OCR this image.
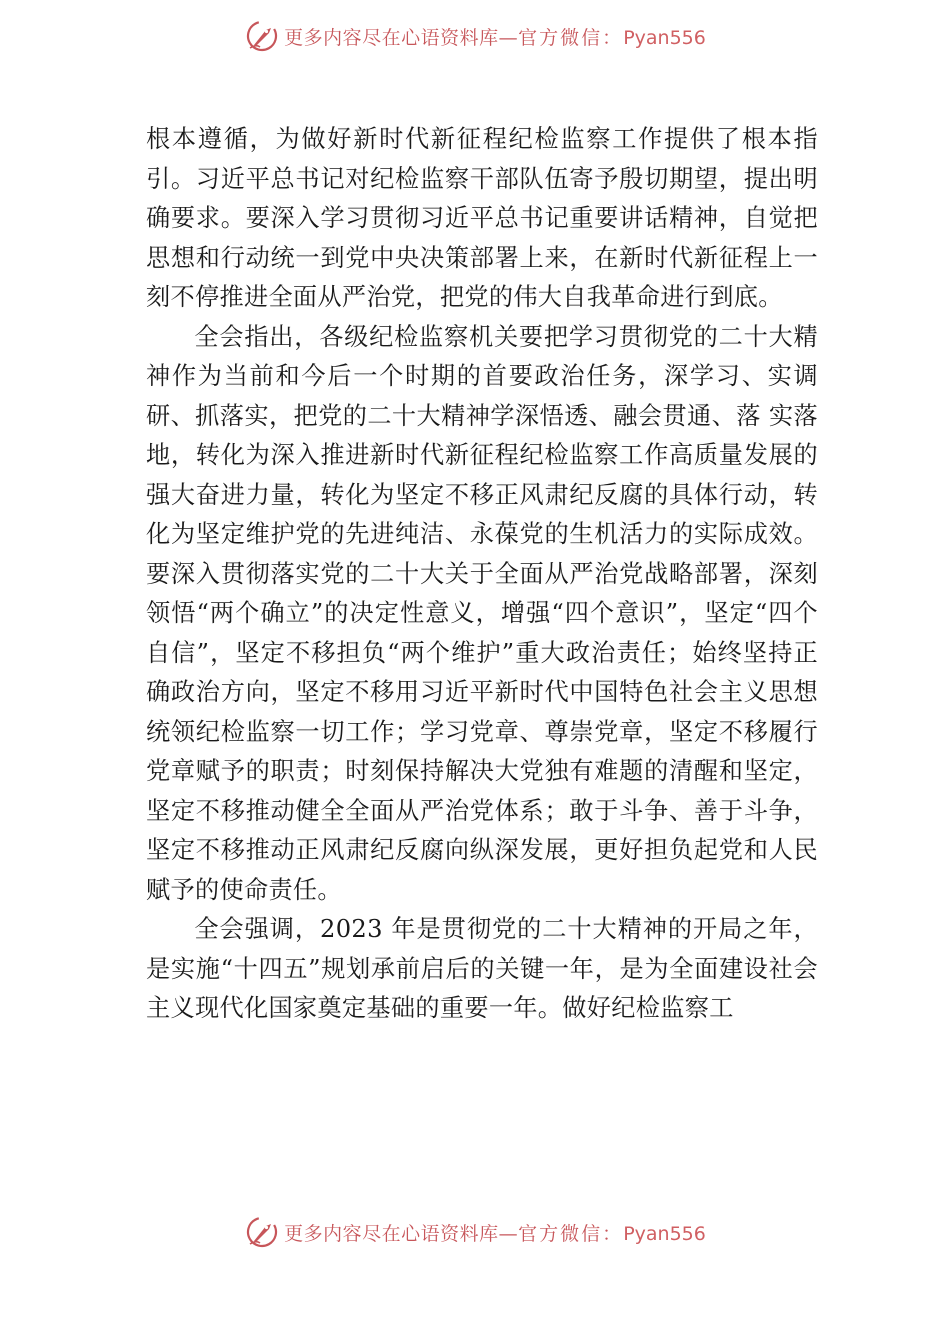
更多内容尽在心语资料库—官方微信：Pyan556

根本遵循，为做好新时代新征程纪检监察工作提供了根本指引。习近平总书记对纪检监察干部队伍寄予殷切期望，提出明确要求。要深入学习贯彻习近平总书记重要讲话精神，自觉把思想和行动统一到党中央决策部署上来，在新时代新征程上一刻不停推进全面从严治党，把党的伟大自我革命进行到底。

全会指出，各级纪检监察机关要把学习贯彻党的二十大精神作为当前和今后一个时期的首要政治任务，深学习、实调研、抓落实，把党的二十大精神学深悟透、融会贯通、落 实落地，转化为深入推进新时代新征程纪检监察工作高质量发展的强大奋进力量，转化为坚定不移正风肃纪反腐的具体行动，转化为坚定维护党的先进纯洁、永葆党的生机活力的实际成效。要深入贯彻落实党的二十大关于全面从严治党战略部署，深刻领悟“两个确立”的决定性意义，增强“四个意识”，坚定“四个自信”，坚定不移担负“两个维护”重大政治责任；始终坚持正确政治方向，坚定不移用习近平新时代中国特色社会主义思想统领纪检监察一切工作；学习党章、尊崇党章，坚定不移履行党章赋予的职责；时刻保持解决大党独有难题的清醒和坚定，坚定不移推动健全全面从严治党体系；敢于斗争、善于斗争，坚定不移推动正风肃纪反腐向纵深发展，更好担负起党和人民赋予的使命责任。

全会强调，2023 年是贯彻党的二十大精神的开局之年，是实施“十四五”规划承前启后的关键一年，是为全面建设社会主义现代化国家奠定基础的重要一年。做好纪检监察工

更多内容尽在心语资料库—官方微信：Pyan556
